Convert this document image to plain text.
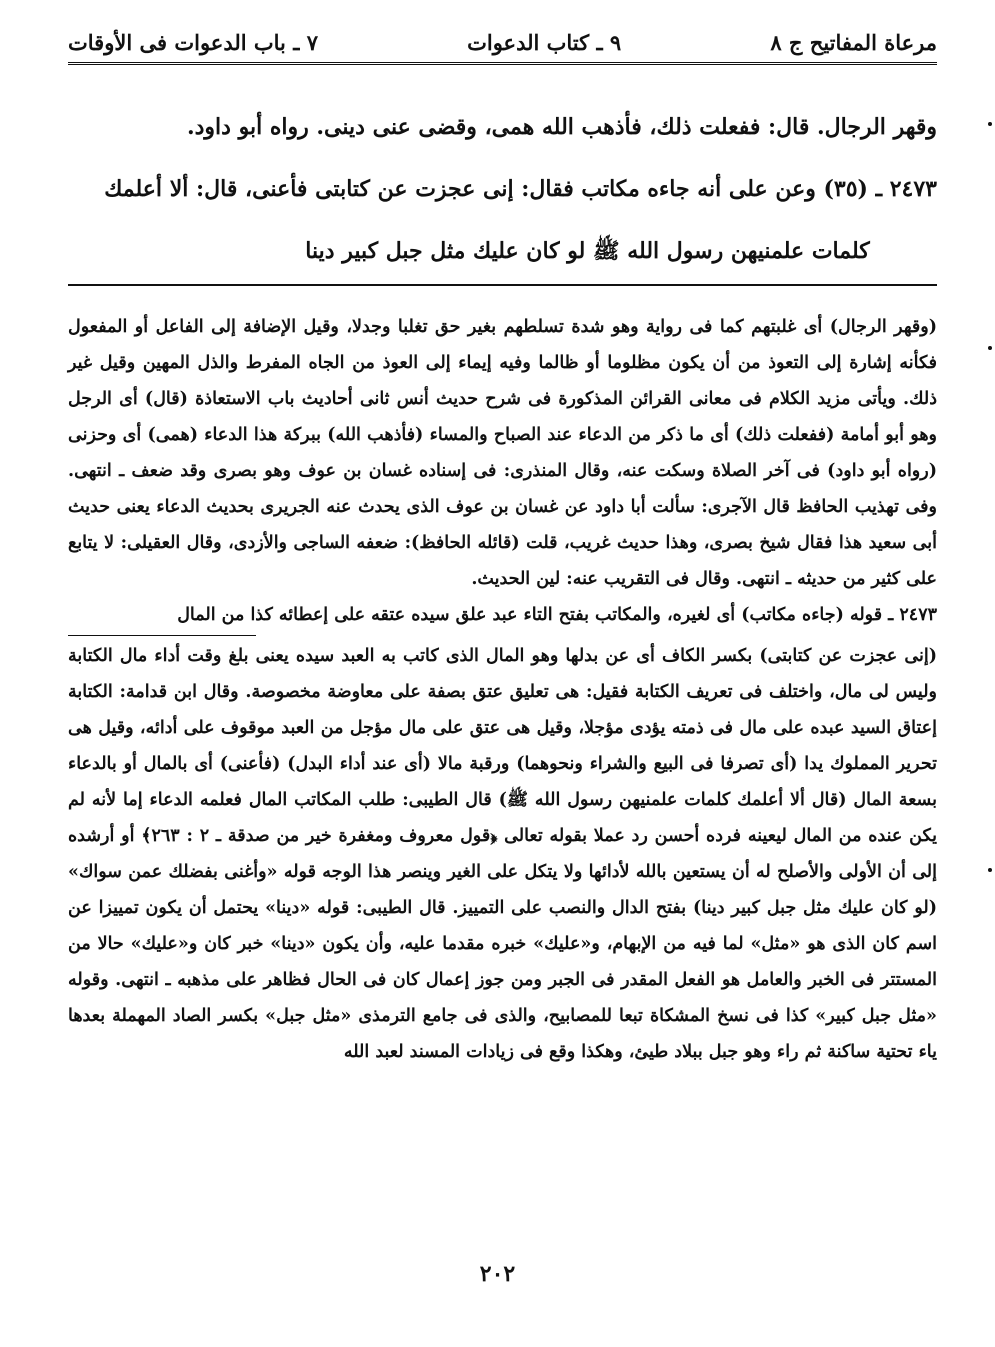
مرعاة المفاتيح ج ٨
٩ ـ كتاب الدعوات
٧ ـ باب الدعوات فى الأوقات

وقهر الرجال. قال: ففعلت ذلك، فأذهب الله همى، وقضى عنى دينى. رواه أبو داود.

٢٤٧٣ ـ (٣٥) وعن على أنه جاءه مكاتب فقال: إنى عجزت عن كتابتى فأعنى، قال: ألا أعلمك

كلمات علمنيهن رسول الله ﷺ لو كان عليك مثل جبل كبير دينا

(وقهر الرجال) أى غلبتهم كما فى رواية وهو شدة تسلطهم بغير حق تغلبا وجدلا، وقيل الإضافة إلى الفاعل أو المفعول فكأنه إشارة إلى التعوذ من أن يكون مظلوما أو ظالما وفيه إيماء إلى العوذ من الجاه المفرط والذل المهين وقيل غير ذلك. ويأتى مزيد الكلام فى معانى القرائن المذكورة فى شرح حديث أنس ثانى أحاديث باب الاستعاذة (قال) أى الرجل وهو أبو أمامة (ففعلت ذلك) أى ما ذكر من الدعاء عند الصباح والمساء (فأذهب الله) ببركة هذا الدعاء (همى) أى وحزنى (رواه أبو داود) فى آخر الصلاة وسكت عنه، وقال المنذرى: فى إسناده غسان بن عوف وهو بصرى وقد ضعف ـ انتهى. وفى تهذيب الحافظ قال الآجرى: سألت أبا داود عن غسان بن عوف الذى يحدث عنه الجريرى بحديث الدعاء يعنى حديث أبى سعيد هذا فقال شيخ بصرى، وهذا حديث غريب، قلت (قائله الحافظ): ضعفه الساجى والأزدى، وقال العقيلى: لا يتابع على كثير من حديثه ـ انتهى. وقال فى التقريب عنه: لين الحديث.

٢٤٧٣ ـ قوله (جاءه مكاتب) أى لغيره، والمكاتب بفتح التاء عبد علق سيده عتقه على إعطائه كذا من المال

(إنى عجزت عن كتابتى) بكسر الكاف أى عن بدلها وهو المال الذى كاتب به العبد سيده يعنى بلغ وقت أداء مال الكتابة وليس لى مال، واختلف فى تعريف الكتابة فقيل: هى تعليق عتق بصفة على معاوضة مخصوصة. وقال ابن قدامة: الكتابة إعتاق السيد عبده على مال فى ذمته يؤدى مؤجلا، وقيل هى عتق على مال مؤجل من العبد موقوف على أدائه، وقيل هى تحرير المملوك يدا (أى تصرفا فى البيع والشراء ونحوهما) ورقبة مالا (أى عند أداء البدل) (فأعنى) أى بالمال أو بالدعاء بسعة المال (قال ألا أعلمك كلمات علمنيهن رسول الله ﷺ) قال الطيبى: طلب المكاتب المال فعلمه الدعاء إما لأنه لم يكن عنده من المال ليعينه فرده أحسن رد عملا بقوله تعالى ﴿قول معروف ومغفرة خير من صدقة ـ ٢ : ٢٦٣﴾ أو أرشده إلى أن الأولى والأصلح له أن يستعين بالله لأدائها ولا يتكل على الغير وينصر هذا الوجه قوله «وأغنى بفضلك عمن سواك» (لو كان عليك مثل جبل كبير دينا) بفتح الدال والنصب على التمييز. قال الطيبى: قوله «دينا» يحتمل أن يكون تمييزا عن اسم كان الذى هو «مثل» لما فيه من الإبهام، و«عليك» خبره مقدما عليه، وأن يكون «دينا» خبر كان و«عليك» حالا من المستتر فى الخبر والعامل هو الفعل المقدر فى الجبر ومن جوز إعمال كان فى الحال فظاهر على مذهبه ـ انتهى. وقوله «مثل جبل كبير» كذا فى نسخ المشكاة تبعا للمصابيح، والذى فى جامع الترمذى «مثل جبل» بكسر الصاد المهملة بعدها ياء تحتية ساكنة ثم راء وهو جبل ببلاد طيئ، وهكذا وقع فى زيادات المسند لعبد الله

٢٠٢
